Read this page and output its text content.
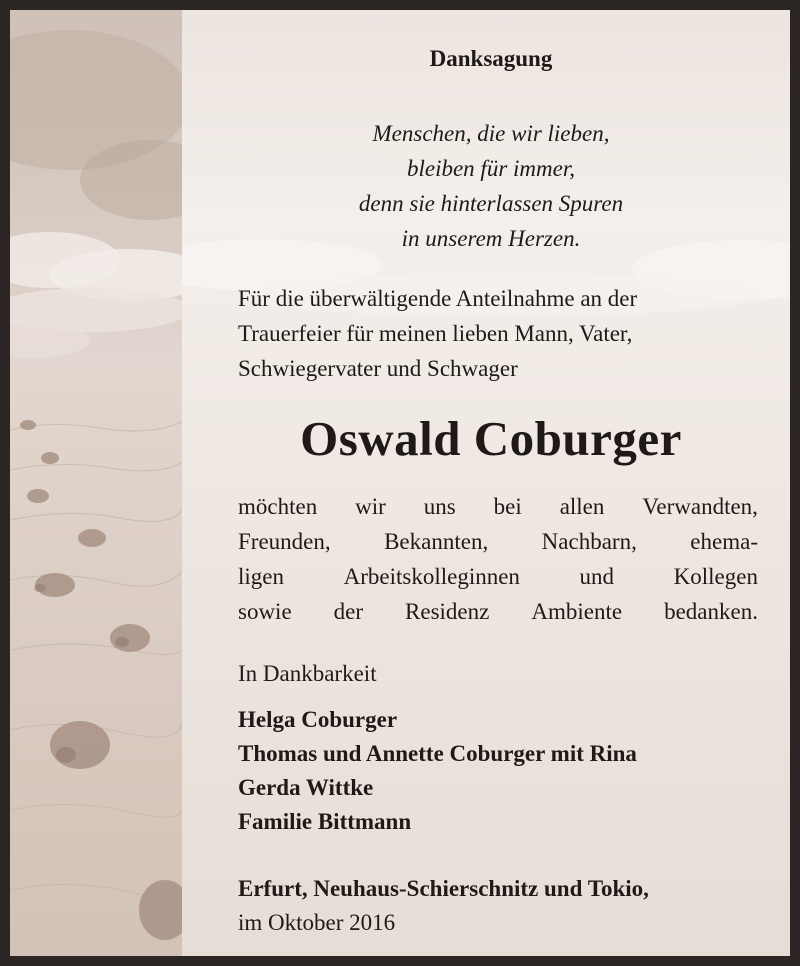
Danksagung
Menschen, die wir lieben,
bleiben für immer,
denn sie hinterlassen Spuren
in unserem Herzen.
Für die überwältigende Anteilnahme an der
Trauerfeier für meinen lieben Mann, Vater,
Schwiegervater und Schwager
Oswald Coburger
möchten wir uns bei allen Verwandten,
Freunden, Bekannten, Nachbarn, ehema-
ligen	Arbeitskolleginnen	und	Kollegen
sowie der Residenz Ambiente bedanken.
In Dankbarkeit
Helga Coburger
Thomas und Annette Coburger mit Rina
Gerda Wittke
Familie Bittmann
Erfurt, Neuhaus-Schierschnitz und Tokio,
im Oktober 2016
